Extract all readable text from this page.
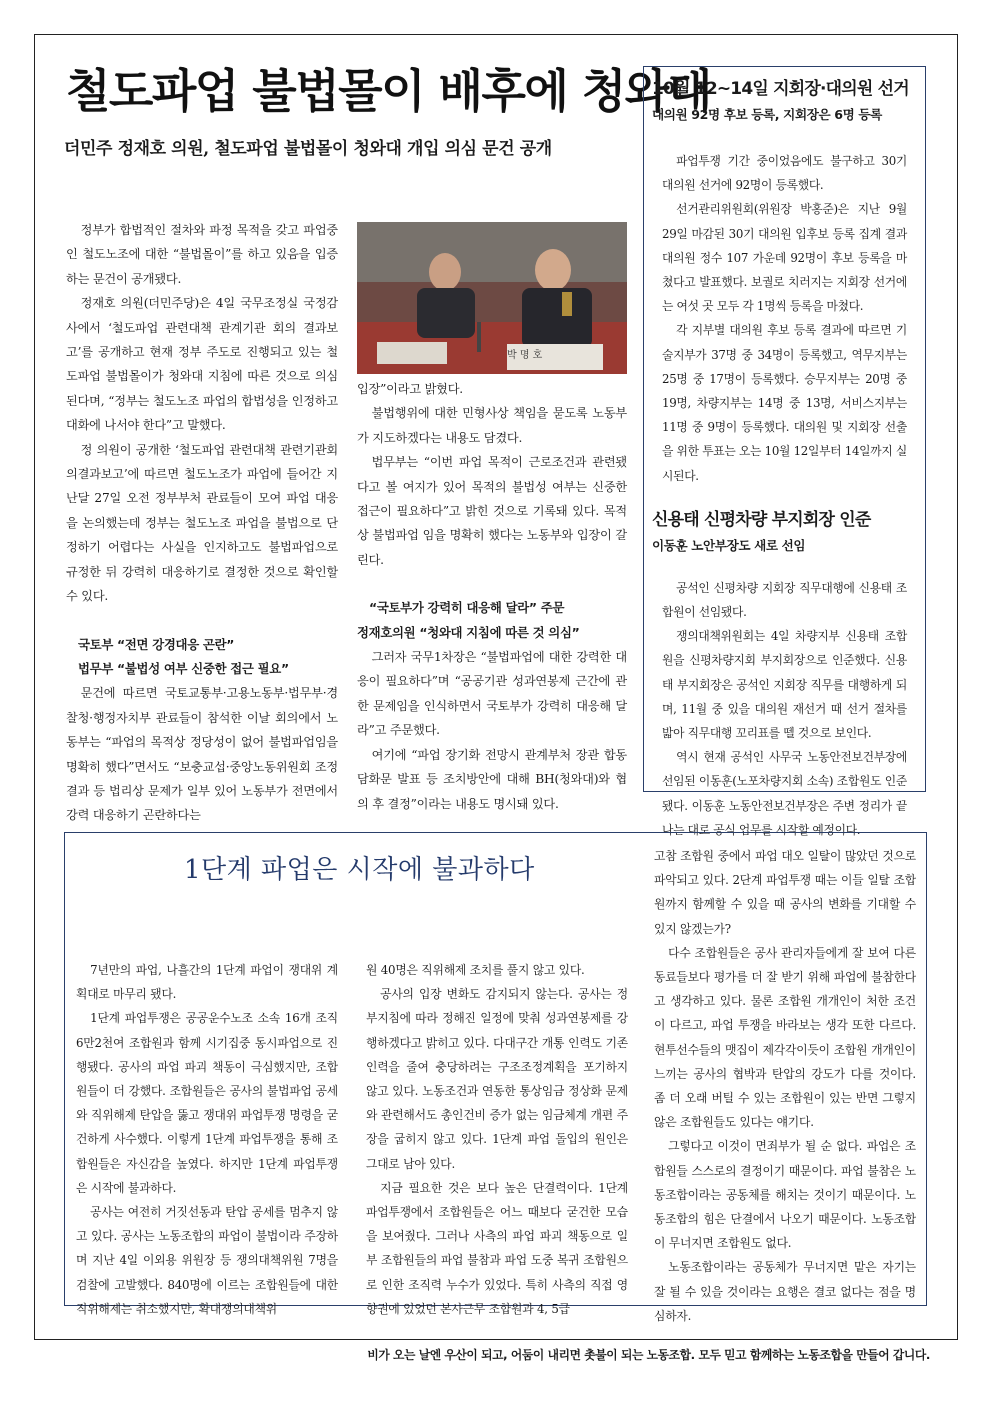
철도파업 불법몰이 배후에 청와대
더민주 정재호 의원, 철도파업 불법몰이 청와대 개입 의심 문건 공개

정부가 합법적인 절차와 파정 목적을 갖고 파업중인 철도노조에 대한 “불법몰이”를 하고 있음을 입증하는 문건이 공개됐다.

정재호 의원(더민주당)은 4일 국무조정실 국정감사에서 ‘철도파업 관련대책 관계기관 회의 결과보고’를 공개하고 현재 정부 주도로 진행되고 있는 철도파업 불법몰이가 청와대 지침에 따른 것으로 의심된다며, “정부는 철도노조 파업의 합법성을 인정하고 대화에 나서야 한다”고 말했다.

정 의원이 공개한 ‘철도파업 관련대책 관련기관회의결과보고’에 따르면 철도노조가 파업에 들어간 지난달 27일 오전 정부부처 관료들이 모여 파업 대응을 논의했는데 정부는 철도노조 파업을 불법으로 단정하기 어렵다는 사실을 인지하고도 불법파업으로 규정한 뒤 강력히 대응하기로 결정한 것으로 확인할 수 있다.

국토부 “전면 강경대응 곤란”
법무부 “불법성 여부 신중한 접근 필요”

문건에 따르면 국토교통부·고용노동부·법무부·경찰청·행정자치부 관료들이 참석한 이날 회의에서 노동부는 “파업의 목적상 정당성이 없어 불법파업임을 명확히 했다”면서도 “보충교섭·중앙노동위원회 조정 결과 등 법리상 문제가 일부 있어 노동부가 전면에서 강력 대응하기 곤란하다는

박 명 호

입장”이라고 밝혔다.

불법행위에 대한 민형사상 책임을 묻도록 노동부가 지도하겠다는 내용도 담겼다.

법무부는 “이번 파업 목적이 근로조건과 관련됐다고 볼 여지가 있어 목적의 불법성 여부는 신중한 접근이 필요하다”고 밝힌 것으로 기록돼 있다. 목적상 불법파업 임을 명확히 했다는 노동부와 입장이 갈린다.

“국토부가 강력히 대응해 달라” 주문
정재호의원 “청와대 지침에 따른 것 의심”

그러자 국무1차장은 “불법파업에 대한 강력한 대응이 필요하다”며 “공공기관 성과연봉제 근간에 관한 문제임을 인식하면서 국토부가 강력히 대응해 달라”고 주문했다.

여기에 “파업 장기화 전망시 관계부처 장관 합동담화문 발표 등 조치방안에 대해 BH(청와대)와 협의 후 결정”이라는 내용도 명시돼 있다.

10월 12~14일 지회장·대의원 선거
대의원 92명 후보 등록, 지회장은 6명 등록

파업투쟁 기간 중이었음에도 불구하고 30기 대의원 선거에 92명이 등록했다.

선거관리위원회(위원장 박홍준)은 지난 9월 29일 마감된 30기 대의원 입후보 등록 집계 결과 대의원 정수 107 가운데 92명이 후보 등록을 마쳤다고 발표했다. 보궐로 치러지는 지회장 선거에는 여섯 곳 모두 각 1명씩 등록을 마쳤다.

각 지부별 대의원 후보 등록 결과에 따르면 기술지부가 37명 중 34명이 등록했고, 역무지부는 25명 중 17명이 등록했다. 승무지부는 20명 중 19명, 차량지부는 14명 중 13명, 서비스지부는 11명 중 9명이 등록했다. 대의원 및 지회장 선출을 위한 투표는 오는 10월 12일부터 14일까지 실시된다.

신용태 신평차량 부지회장 인준
이동훈 노안부장도 새로 선임

공석인 신평차량 지회장 직무대행에 신용태 조합원이 선임됐다.

쟁의대책위원회는 4일 차량지부 신용태 조합원을 신평차량지회 부지회장으로 인준했다. 신용태 부지회장은 공석인 지회장 직무를 대행하게 되며, 11월 중 있을 대의원 재선거 때 선거 절차를 밟아 직무대행 꼬리표를 뗄 것으로 보인다.

역시 현재 공석인 사무국 노동안전보건부장에 선임된 이동훈(노포차량지회 소속) 조합원도 인준됐다. 이동훈 노동안전보건부장은 주변 정리가 끝나는 대로 공식 업무를 시작할 예정이다.

1단계 파업은 시작에 불과하다

7년만의 파업, 나흘간의 1단계 파업이 쟁대위 계획대로 마무리 됐다.

1단계 파업투쟁은 공공운수노조 소속 16개 조직 6만2천여 조합원과 함께 시기집중 동시파업으로 진행됐다. 공사의 파업 파괴 책동이 극심했지만, 조합원들이 더 강했다. 조합원들은 공사의 불법파업 공세와 직위해제 탄압을 뚫고 쟁대위 파업투쟁 명령을 굳건하게 사수했다. 이렇게 1단계 파업투쟁을 통해 조합원들은 자신감을 높였다. 하지만 1단계 파업투쟁은 시작에 불과하다.

공사는 여전히 거짓선동과 탄압 공세를 멈추지 않고 있다. 공사는 노동조합의 파업이 불법이라 주장하며 지난 4일 이외용 위원장 등 쟁의대책위원 7명을 검찰에 고발했다. 840명에 이르는 조합원들에 대한 직위해제는 취소했지만, 확대쟁의대책위

원 40명은 직위해제 조치를 풀지 않고 있다.

공사의 입장 변화도 감지되지 않는다. 공사는 정부지침에 따라 정해진 일정에 맞춰 성과연봉제를 강행하겠다고 밝히고 있다. 다대구간 개통 인력도 기존 인력을 줄여 충당하려는 구조조정계획을 포기하지 않고 있다. 노동조건과 연동한 통상임금 정상화 문제와 관련해서도 총인건비 증가 없는 임금체계 개편 주장을 굽히지 않고 있다. 1단계 파업 돌입의 원인은 그대로 남아 있다.

지금 필요한 것은 보다 높은 단결력이다. 1단계 파업투쟁에서 조합원들은 어느 때보다 굳건한 모습을 보여줬다. 그러나 사측의 파업 파괴 책동으로 일부 조합원들의 파업 불참과 파업 도중 복귀 조합원으로 인한 조직력 누수가 있었다. 특히 사측의 직접 영향권에 있었던 본사근무 조합원과 4, 5급

고참 조합원 중에서 파업 대오 일탈이 많았던 것으로 파악되고 있다. 2단계 파업투쟁 때는 이들 일탈 조합원까지 함께할 수 있을 때 공사의 변화를 기대할 수 있지 않겠는가?

다수 조합원들은 공사 관리자들에게 잘 보여 다른 동료들보다 평가를 더 잘 받기 위해 파업에 불참한다고 생각하고 있다. 물론 조합원 개개인이 처한 조건이 다르고, 파업 투쟁을 바라보는 생각 또한 다르다. 현투선수들의 맷집이 제각각이듯이 조합원 개개인이 느끼는 공사의 협박과 탄압의 강도가 다를 것이다. 좀 더 오래 버틸 수 있는 조합원이 있는 반면 그렇지 않은 조합원들도 있다는 얘기다.

그렇다고 이것이 면죄부가 될 순 없다. 파업은 조합원들 스스로의 결정이기 때문이다. 파업 불참은 노동조합이라는 공동체를 해치는 것이기 때문이다. 노동조합의 힘은 단결에서 나오기 때문이다. 노동조합이 무너지면 조합원도 없다.

노동조합이라는 공동체가 무너지면 맡은 자기는 잘 될 수 있을 것이라는 요행은 결코 없다는 점을 명심하자.

비가 오는 날엔 우산이 되고, 어둠이 내리면 촛불이 되는 노동조합. 모두 믿고 함께하는 노동조합을 만들어 갑니다.
